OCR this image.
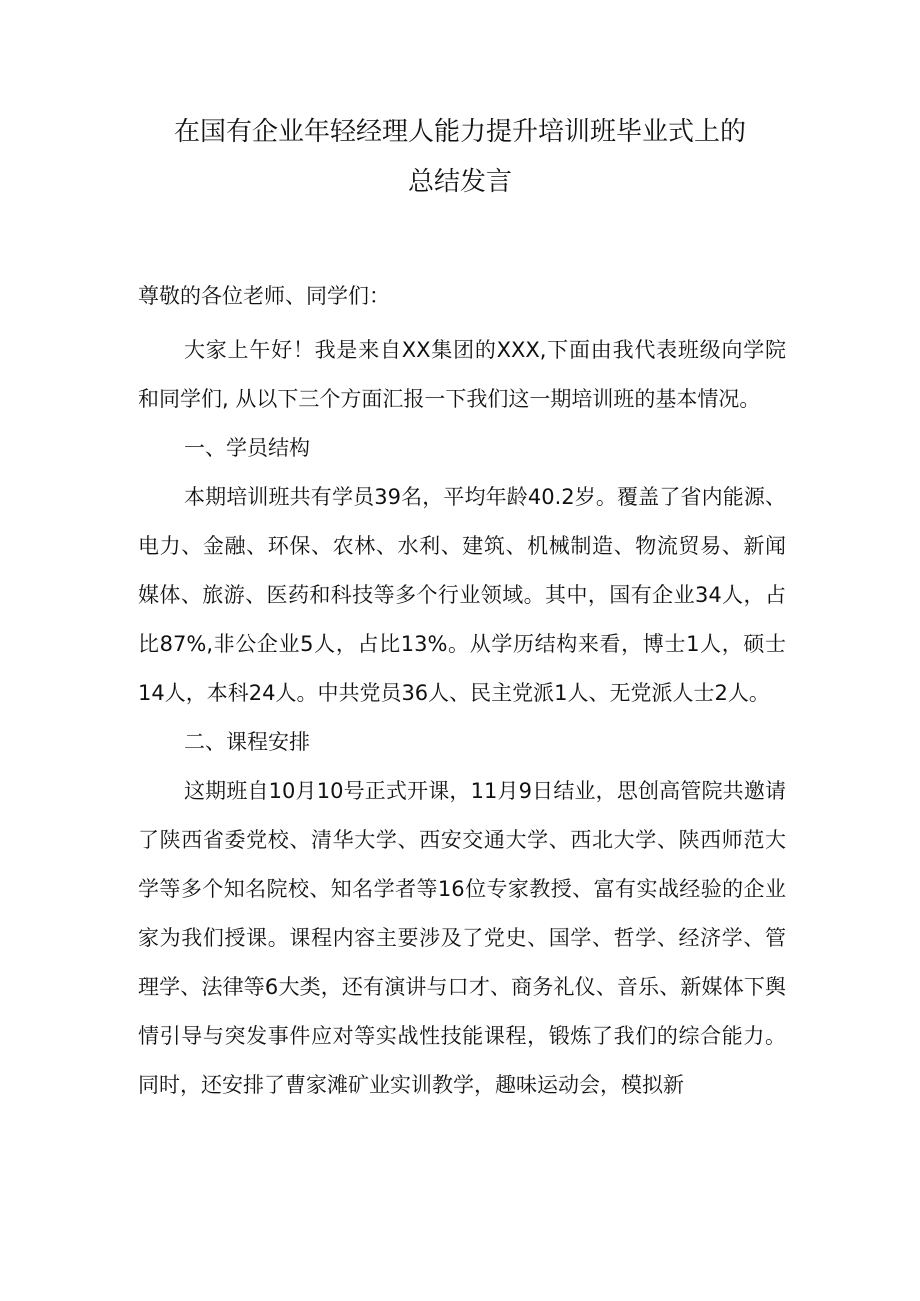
在国有企业年轻经理人能力提升培训班毕业式上的
总结发言

尊敬的各位老师、同学们：

大家上午好！我是来自XX集团的XXX,下面由我代表班级向学院和同学们, 从以下三个方面汇报一下我们这一期培训班的基本情况。

一、学员结构

本期培训班共有学员39名，平均年龄40.2岁。覆盖了省内能源、电力、金融、环保、农林、水利、建筑、机械制造、物流贸易、新闻媒体、旅游、医药和科技等多个行业领域。其中，国有企业34人，占比87%,非公企业5人，占比13%。从学历结构来看，博士1人，硕士14人，本科24人。中共党员36人、民主党派1人、无党派人士2人。

二、课程安排

这期班自10月10号正式开课，11月9日结业，思创高管院共邀请了陕西省委党校、清华大学、西安交通大学、西北大学、陕西师范大学等多个知名院校、知名学者等16位专家教授、富有实战经验的企业家为我们授课。课程内容主要涉及了党史、国学、哲学、经济学、管理学、法律等6大类，还有演讲与口才、商务礼仪、音乐、新媒体下舆情引导与突发事件应对等实战性技能课程，锻炼了我们的综合能力。同时，还安排了曹家滩矿业实训教学，趣味运动会，模拟新
